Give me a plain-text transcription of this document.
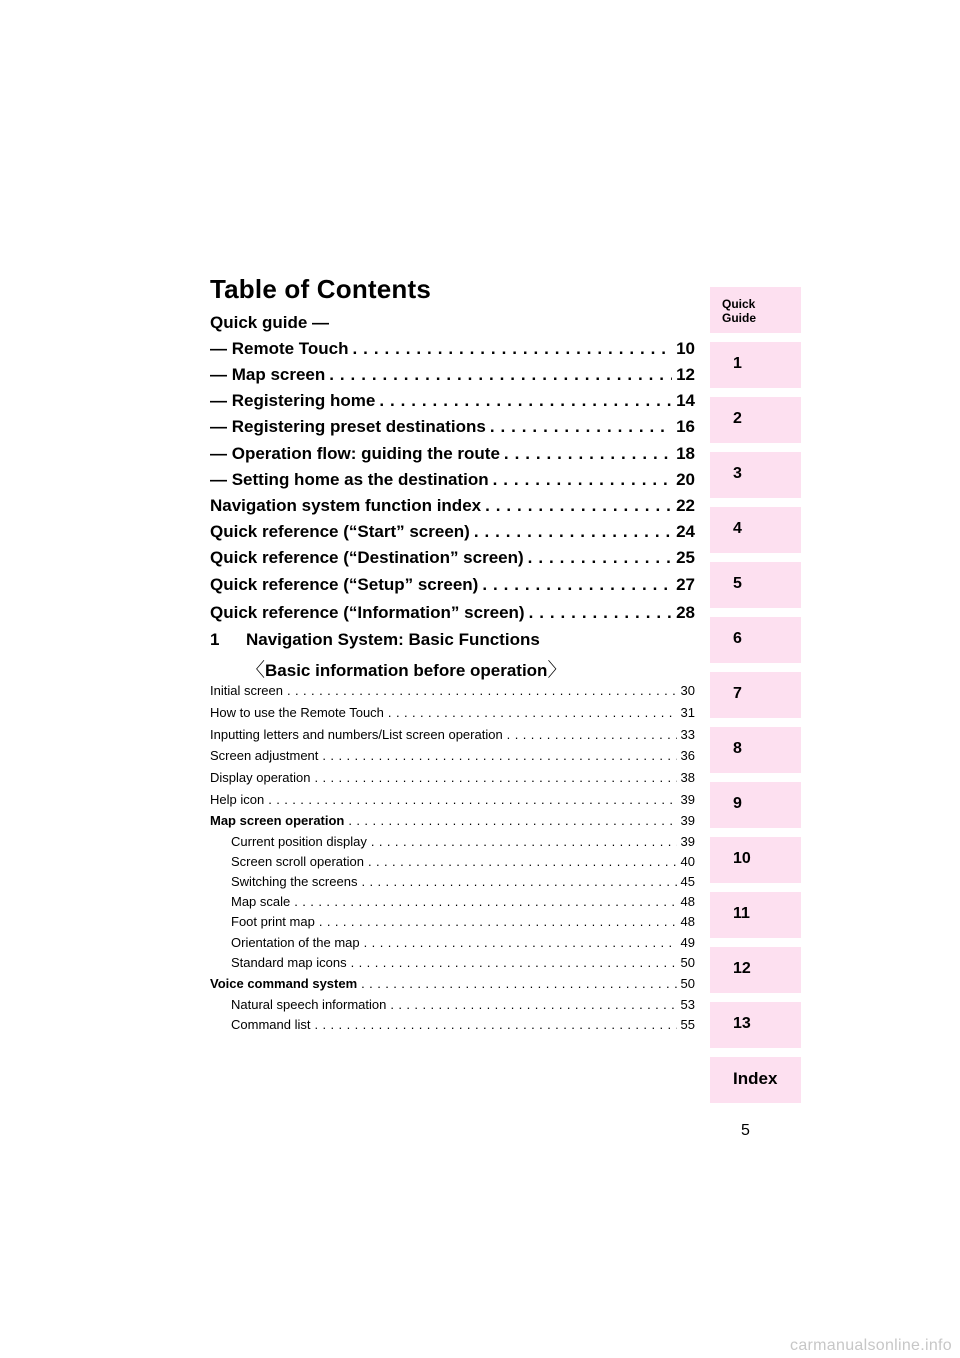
Table of Contents
Quick guide —
— Remote Touch . . .	10
— Map screen . . .	12
— Registering home . . .	14
— Registering preset destinations . . .	16
— Operation flow: guiding the route . . .	18
— Setting home as the destination . . .	20
Navigation system function index . . .	22
Quick reference (“Start” screen) . . .	24
Quick reference (“Destination” screen) . . .	25
Quick reference (“Setup” screen) . . .	27
Quick reference (“Information” screen) . . .	28
1 Navigation System: Basic Functions
〈Basic information before operation〉
Initial screen . . .	30
How to use the Remote Touch . . .	31
Inputting letters and numbers/List screen operation . . .	33
Screen adjustment . . .	36
Display operation . . .	38
Help icon . . .	39
Map screen operation . . .	39
Current position display . . .	39
Screen scroll operation . . .	40
Switching the screens . . .	45
Map scale . . .	48
Foot print map . . .	48
Orientation of the map . . .	49
Standard map icons . . .	50
Voice command system . . .	50
Natural speech information . . .	53
Command list . . .	55
Quick
Guide
1
2
3
4
5
6
7
8
9
10
11
12
13
Index
5
carmanualsonline.info
